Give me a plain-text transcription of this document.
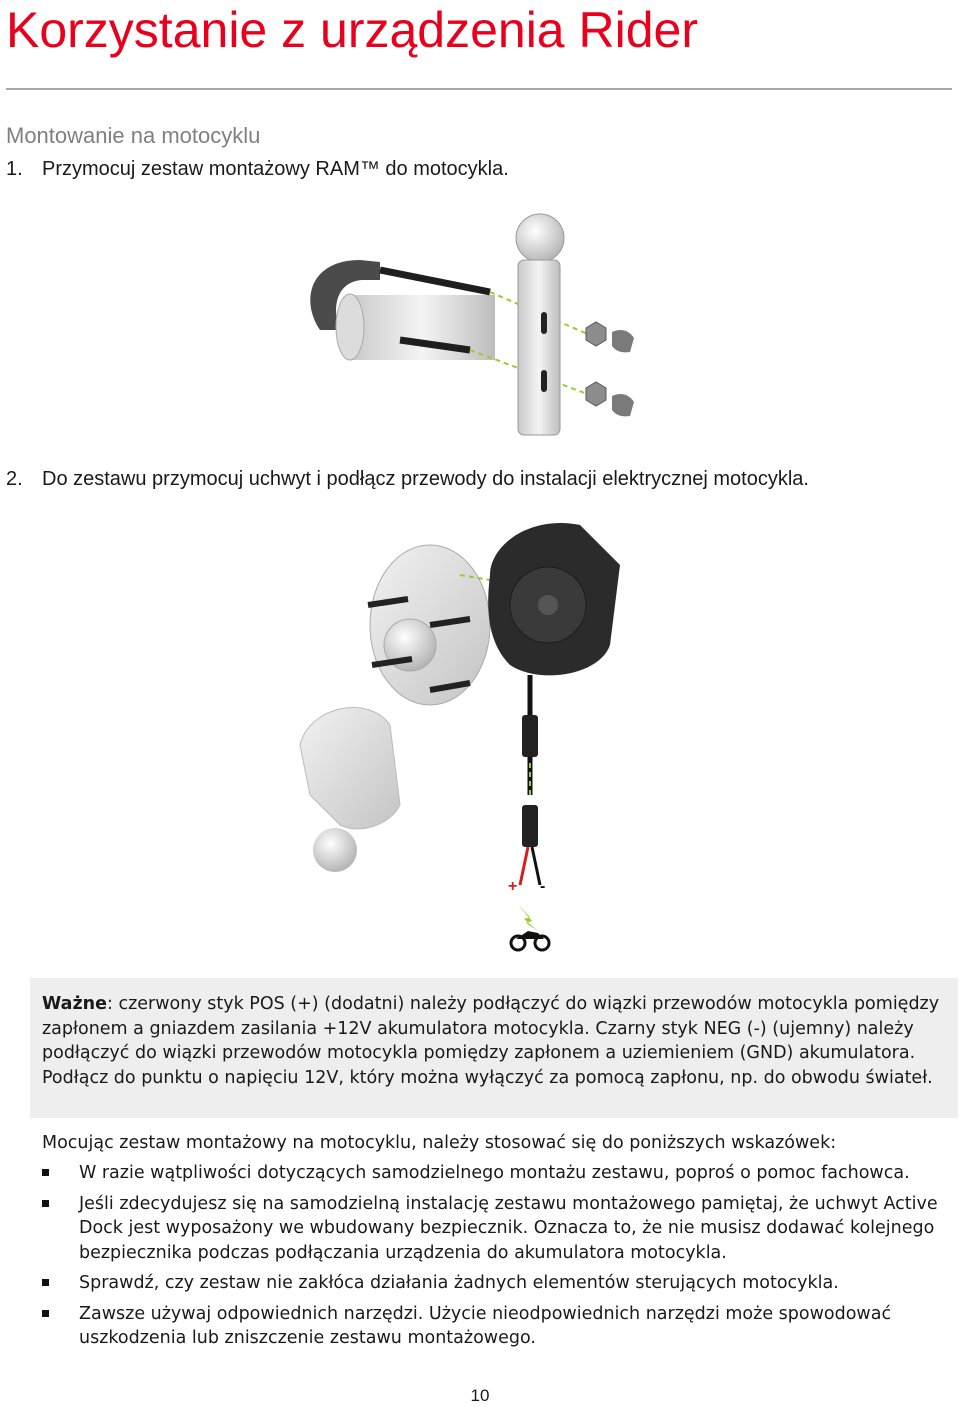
Korzystanie z urządzenia Rider
Montowanie na motocyklu
1. Przymocuj zestaw montażowy RAM™ do motocykla.
2. Do zestawu przymocuj uchwyt i podłącz przewody do instalacji elektrycznej motocykla.
+ -
Ważne: czerwony styk POS (+) (dodatni) należy podłączyć do wiązki przewodów motocykla pomiędzy zapłonem a gniazdem zasilania +12V akumulatora motocykla. Czarny styk NEG (-) (ujemny) należy podłączyć do wiązki przewodów motocykla pomiędzy zapłonem a uziemieniem (GND) akumulatora. Podłącz do punktu o napięciu 12V, który można wyłączyć za pomocą zapłonu, np. do obwodu świateł.

Mocując zestaw montażowy na motocyklu, należy stosować się do poniższych wskazówek:

W razie wątpliwości dotyczących samodzielnego montażu zestawu, poproś o pomoc fachowca.
Jeśli zdecydujesz się na samodzielną instalację zestawu montażowego pamiętaj, że uchwyt Active Dock jest wyposażony we wbudowany bezpiecznik. Oznacza to, że nie musisz dodawać kolejnego bezpiecznika podczas podłączania urządzenia do akumulatora motocykla.
Sprawdź, czy zestaw nie zakłóca działania żadnych elementów sterujących motocykla.
Zawsze używaj odpowiednich narzędzi. Użycie nieodpowiednich narzędzi może spowodować uszkodzenia lub zniszczenie zestawu montażowego.
10
